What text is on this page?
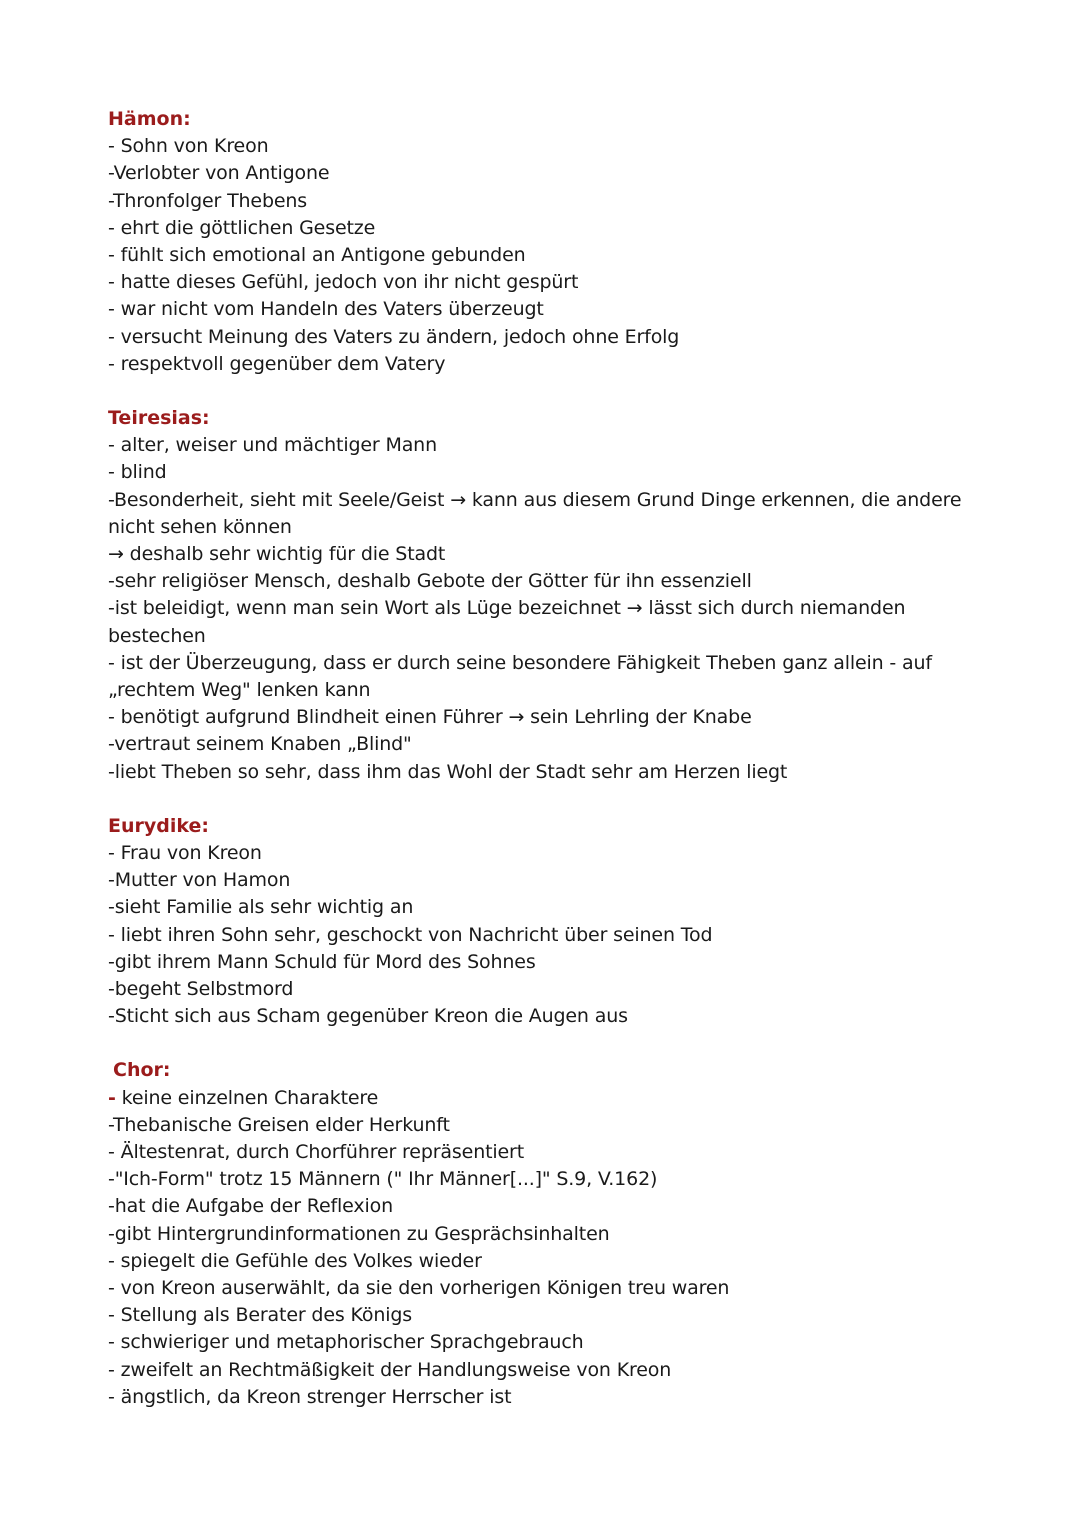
Hämon:
- Sohn von Kreon
-Verlobter von Antigone
-Thronfolger Thebens
- ehrt die göttlichen Gesetze
- fühlt sich emotional an Antigone gebunden
- hatte dieses Gefühl, jedoch von ihr nicht gespürt
- war nicht vom Handeln des Vaters überzeugt
- versucht Meinung des Vaters zu ändern, jedoch ohne Erfolg
- respektvoll gegenüber dem Vatery
Teiresias:
- alter, weiser und mächtiger Mann
- blind
-Besonderheit, sieht mit Seele/Geist → kann aus diesem Grund Dinge erkennen, die andere
nicht sehen können
→ deshalb sehr wichtig für die Stadt
-sehr religiöser Mensch, deshalb Gebote der Götter für ihn essenziell
-ist beleidigt, wenn man sein Wort als Lüge bezeichnet → lässt sich durch niemanden
bestechen
- ist der Überzeugung, dass er durch seine besondere Fähigkeit Theben ganz allein - auf
„rechtem Weg" lenken kann
- benötigt aufgrund Blindheit einen Führer → sein Lehrling der Knabe
-vertraut seinem Knaben „Blind"
-liebt Theben so sehr, dass ihm das Wohl der Stadt sehr am Herzen liegt
Eurydike:
- Frau von Kreon
-Mutter von Hamon
-sieht Familie als sehr wichtig an
- liebt ihren Sohn sehr, geschockt von Nachricht über seinen Tod
-gibt ihrem Mann Schuld für Mord des Sohnes
-begeht Selbstmord
-Sticht sich aus Scham gegenüber Kreon die Augen aus
Chor:
- keine einzelnen Charaktere
-Thebanische Greisen elder Herkunft
- Ältestenrat, durch Chorführer repräsentiert
-"Ich-Form" trotz 15 Männern (" Ihr Männer[...]" S.9, V.162)
-hat die Aufgabe der Reflexion
-gibt Hintergrundinformationen zu Gesprächsinhalten
- spiegelt die Gefühle des Volkes wieder
- von Kreon auserwählt, da sie den vorherigen Königen treu waren
- Stellung als Berater des Königs
- schwieriger und metaphorischer Sprachgebrauch
- zweifelt an Rechtmäßigkeit der Handlungsweise von Kreon
- ängstlich, da Kreon strenger Herrscher ist
